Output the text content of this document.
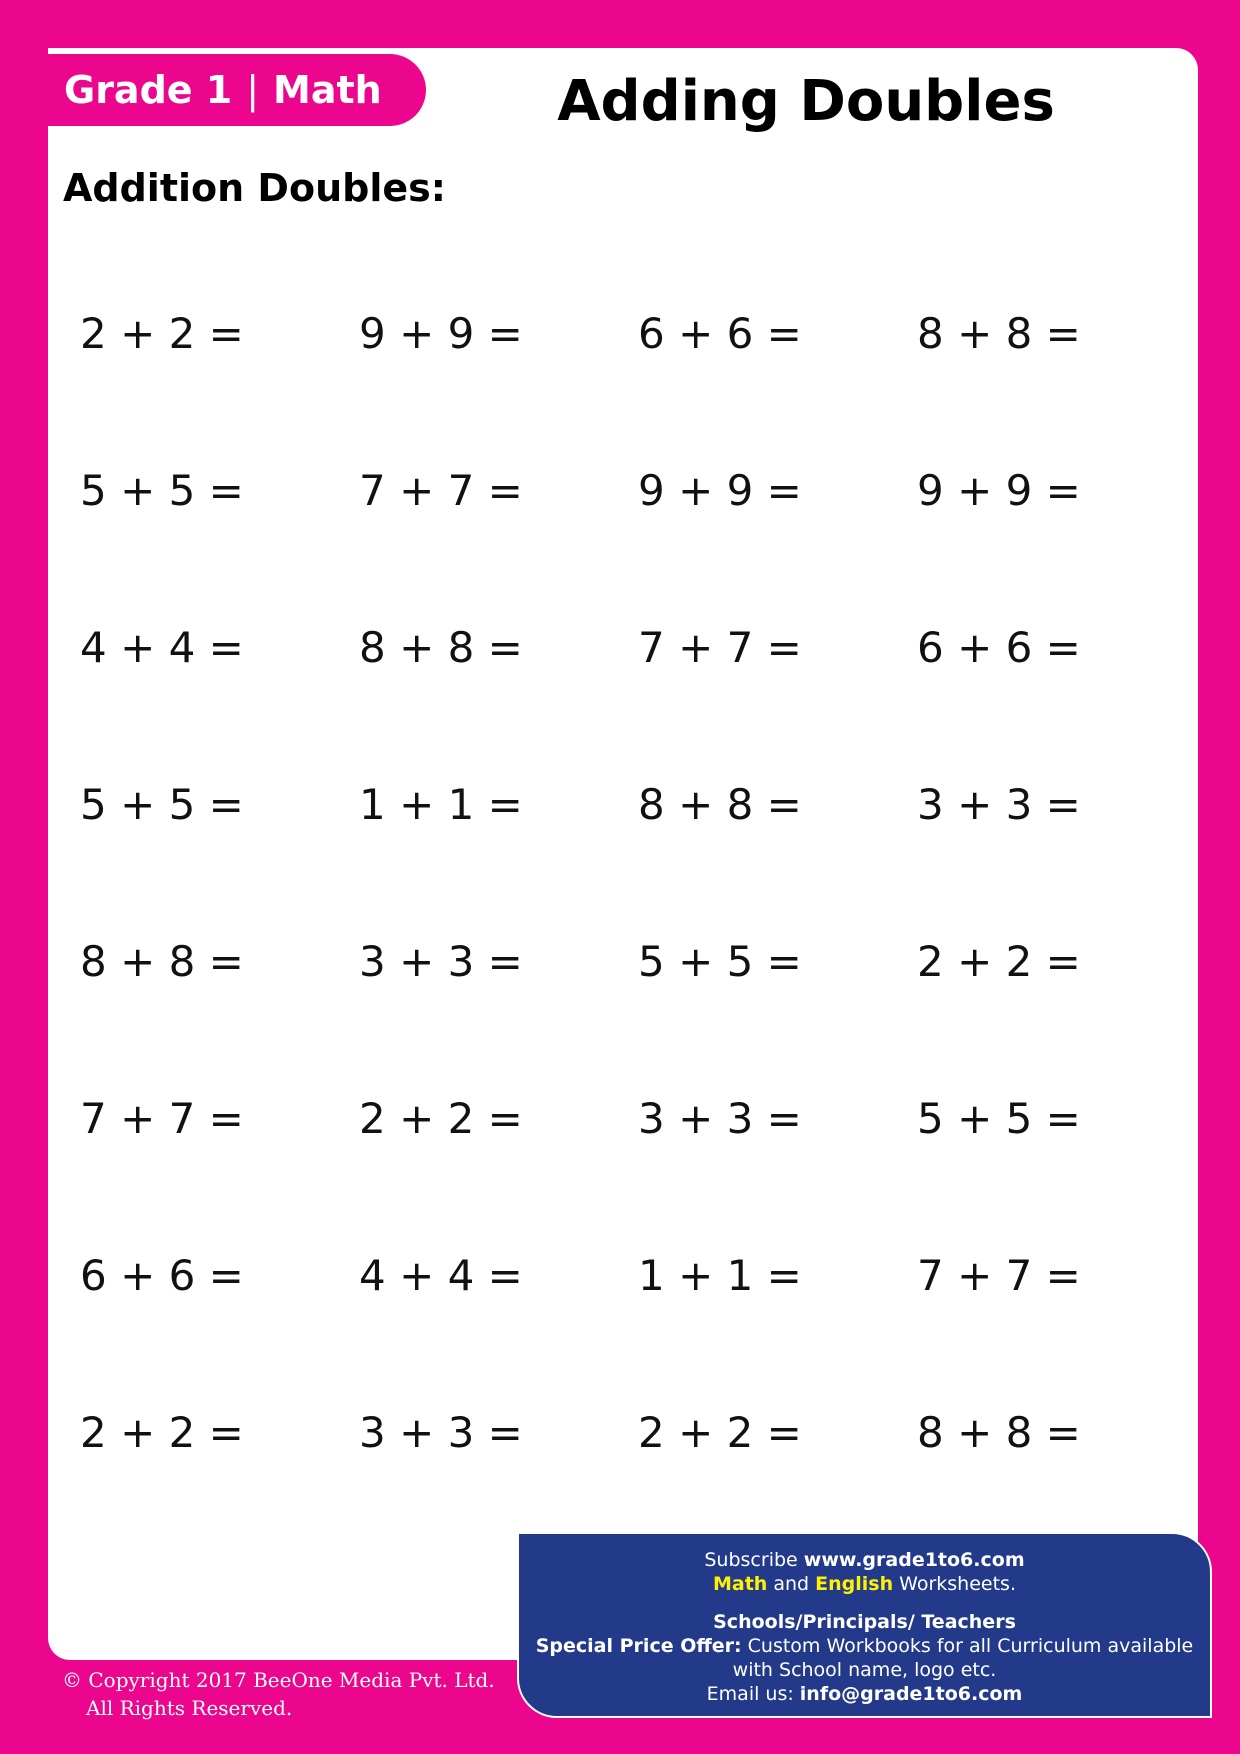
Grade 1 | Math	Adding Doubles
Addition Doubles:
2 + 2 =	9 + 9 =	6 + 6 =	8 + 8 =
5 + 5 =	7 + 7 =	9 + 9 =	9 + 9 =
4 + 4 =	8 + 8 =	7 + 7 =	6 + 6 =
5 + 5 =	1 + 1 =	8 + 8 =	3 + 3 =
8 + 8 =	3 + 3 =	5 + 5 =	2 + 2 =
7 + 7 =	2 + 2 =	3 + 3 =	5 + 5 =
6 + 6 =	4 + 4 =	1 + 1 =	7 + 7 =
2 + 2 =	3 + 3 =	2 + 2 =	8 + 8 =

Subscribe www.grade1to6.com

Math and English Worksheets.

Schools/Principals/ Teachers

Special Price Offer: Custom Workbooks for all Curriculum available

with School name, logo etc.

Email us: info@grade1to6.com

© Copyright 2017 BeeOne Media Pvt. Ltd.
All Rights Reserved.
